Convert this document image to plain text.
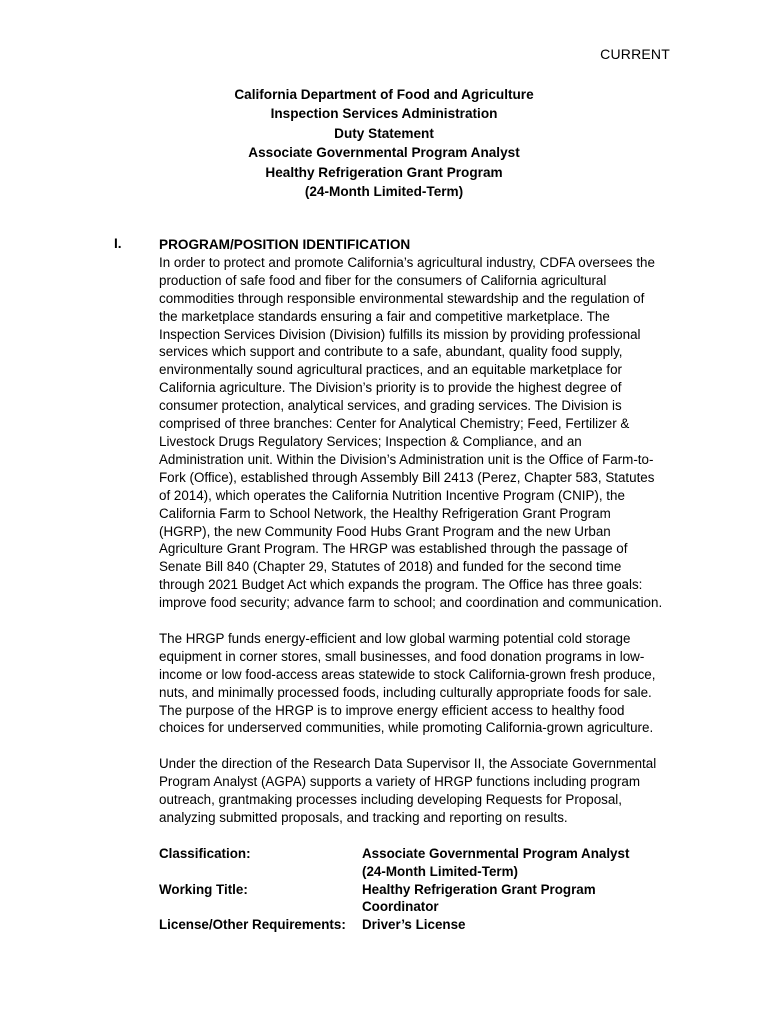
CURRENT
California Department of Food and Agriculture
Inspection Services Administration
Duty Statement
Associate Governmental Program Analyst
Healthy Refrigeration Grant Program
(24-Month Limited-Term)
I.	PROGRAM/POSITION IDENTIFICATION

In order to protect and promote California’s agricultural industry, CDFA oversees the
production of safe food and fiber for the consumers of California agricultural
commodities through responsible environmental stewardship and the regulation of
the marketplace standards ensuring a fair and competitive marketplace. The
Inspection Services Division (Division) fulfills its mission by providing professional
services which support and contribute to a safe, abundant, quality food supply,
environmentally sound agricultural practices, and an equitable marketplace for
California agriculture. The Division’s priority is to provide the highest degree of
consumer protection, analytical services, and grading services. The Division is
comprised of three branches: Center for Analytical Chemistry; Feed, Fertilizer &
Livestock Drugs Regulatory Services; Inspection & Compliance, and an
Administration unit. Within the Division’s Administration unit is the Office of Farm-to-
Fork (Office), established through Assembly Bill 2413 (Perez, Chapter 583, Statutes
of 2014), which operates the California Nutrition Incentive Program (CNIP), the
California Farm to School Network, the Healthy Refrigeration Grant Program
(HGRP), the new Community Food Hubs Grant Program and the new Urban
Agriculture Grant Program. The HRGP was established through the passage of
Senate Bill 840 (Chapter 29, Statutes of 2018) and funded for the second time
through 2021 Budget Act which expands the program. The Office has three goals:
improve food security; advance farm to school; and coordination and communication.

The HRGP funds energy-efficient and low global warming potential cold storage
equipment in corner stores, small businesses, and food donation programs in low-
income or low food-access areas statewide to stock California-grown fresh produce,
nuts, and minimally processed foods, including culturally appropriate foods for sale.
The purpose of the HRGP is to improve energy efficient access to healthy food
choices for underserved communities, while promoting California-grown agriculture.

Under the direction of the Research Data Supervisor II, the Associate Governmental
Program Analyst (AGPA) supports a variety of HRGP functions including program
outreach, grantmaking processes including developing Requests for Proposal,
analyzing submitted proposals, and tracking and reporting on results.

Classification:	Associate Governmental Program Analyst
(24-Month Limited-Term)
Working Title:	Healthy Refrigeration Grant Program
Coordinator
License/Other Requirements:	Driver’s License
